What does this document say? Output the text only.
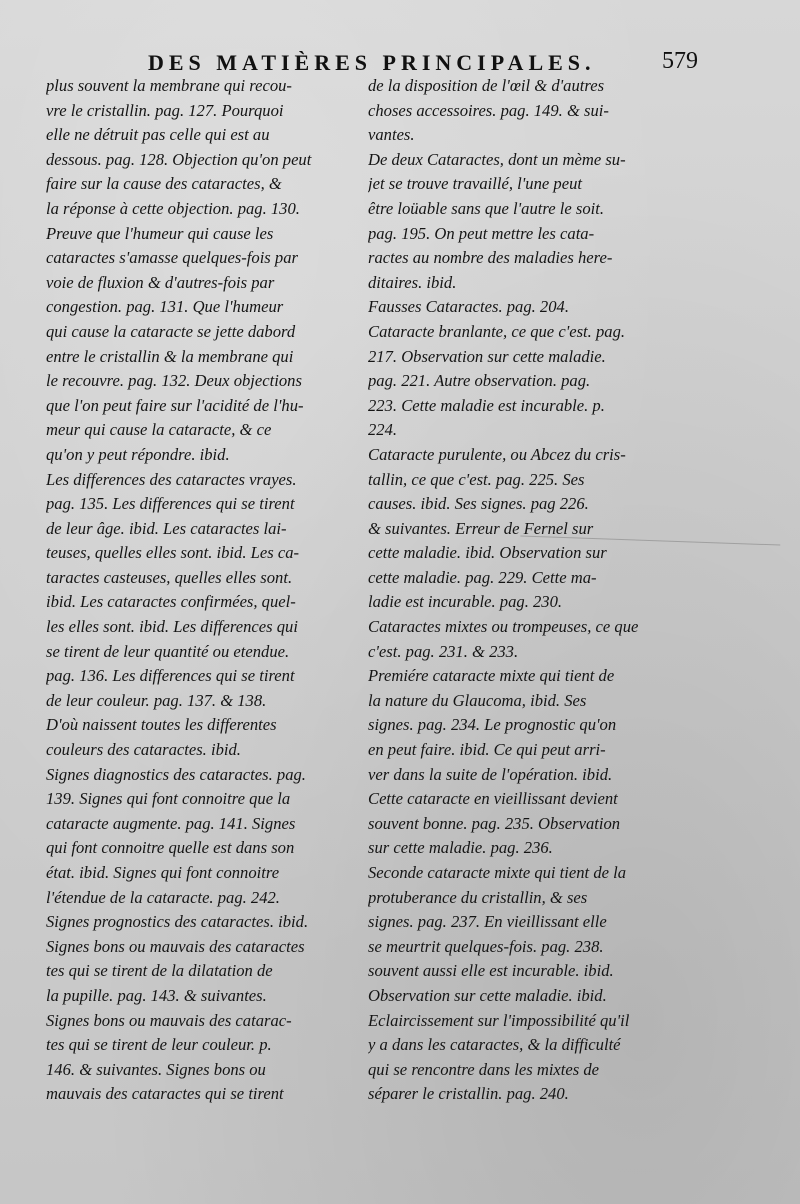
DES MATIÈRES PRINCIPALES.	579
plus souvent la membrane qui recou-
vre le cristallin. pag. 127. Pourquoi
elle ne détruit pas celle qui est au
dessous. pag. 128. Objection qu'on peut
faire sur la cause des cataractes, &
la réponse à cette objection. pag. 130.
Preuve que l'humeur qui cause les
cataractes s'amasse quelques-fois par
voie de fluxion & d'autres-fois par
congestion. pag. 131. Que l'humeur
qui cause la cataracte se jette dabord
entre le cristallin & la membrane qui
le recouvre. pag. 132. Deux objections
que l'on peut faire sur l'acidité de l'hu-
meur qui cause la cataracte, & ce
qu'on y peut répondre. ibid.
Les differences des cataractes vrayes.
pag. 135. Les differences qui se tirent
de leur âge. ibid. Les cataractes lai-
teuses, quelles elles sont. ibid. Les ca-
taractes casteuses, quelles elles sont.
ibid. Les cataractes confirmées, quel-
les elles sont. ibid. Les differences qui
se tirent de leur quantité ou etendue.
pag. 136. Les differences qui se tirent
de leur couleur. pag. 137. & 138.
D'où naissent toutes les differentes
couleurs des cataractes. ibid.
Signes diagnostics des cataractes. pag.
139. Signes qui font connoitre que la
cataracte augmente. pag. 141. Signes
qui font connoitre quelle est dans son
état. ibid. Signes qui font connoitre
l'étendue de la cataracte. pag. 242.
Signes prognostics des cataractes. ibid.
Signes bons ou mauvais des cataractes
tes qui se tirent de la dilatation de
la pupille. pag. 143. & suivantes.
Signes bons ou mauvais des catarac-
tes qui se tirent de leur couleur. p.
146. & suivantes. Signes bons ou
mauvais des cataractes qui se tirent
de la disposition de l'œil & d'autres
choses accessoires. pag. 149. & sui-
vantes.
De deux Cataractes, dont un mème su-
jet se trouve travaillé, l'une peut
être loüable sans que l'autre le soit.
pag. 195. On peut mettre les cata-
ractes au nombre des maladies here-
ditaires. ibid.
Fausses Cataractes. pag. 204.
Cataracte branlante, ce que c'est. pag.
217. Observation sur cette maladie.
pag. 221. Autre observation. pag.
223. Cette maladie est incurable. p.
224.
Cataracte purulente, ou Abcez du cris-
tallin, ce que c'est. pag. 225. Ses
causes. ibid. Ses signes. pag 226.
& suivantes. Erreur de Fernel sur
cette maladie. ibid. Observation sur
cette maladie. pag. 229. Cette ma-
ladie est incurable. pag. 230.
Cataractes mixtes ou trompeuses, ce que
c'est. pag. 231. & 233.
Premiére cataracte mixte qui tient de
la nature du Glaucoma, ibid. Ses
signes. pag. 234. Le prognostic qu'on
en peut faire. ibid. Ce qui peut arri-
ver dans la suite de l'opération. ibid.
Cette cataracte en vieillissant devient
souvent bonne. pag. 235. Observation
sur cette maladie. pag. 236.
Seconde cataracte mixte qui tient de la
protuberance du cristallin, & ses
signes. pag. 237. En vieillissant elle
se meurtrit quelques-fois. pag. 238.
souvent aussi elle est incurable. ibid.
Observation sur cette maladie. ibid.
Eclaircissement sur l'impossibilité qu'il
y a dans les cataractes, & la difficulté
qui se rencontre dans les mixtes de
séparer le cristallin. pag. 240.
